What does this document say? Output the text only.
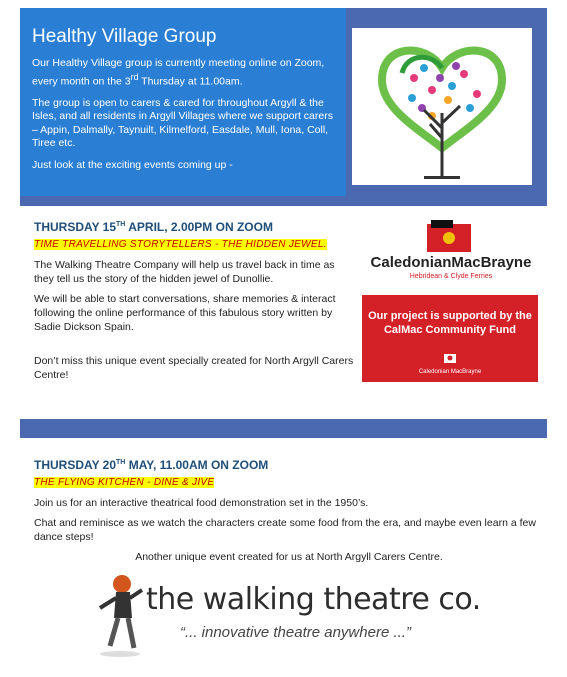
Healthy Village Group

Our Healthy Village group is currently meeting online on Zoom, every month on the 3rd Thursday at 11.00am.

The group is open to carers & cared for throughout Argyll & the Isles, and all residents in Argyll Villages where we support carers – Appin, Dalmally, Taynuilt, Kilmelford, Easdale, Mull, Iona, Coll, Tiree etc.

Just look at the exciting events coming up -

THURSDAY 15TH APRIL, 2.00PM ON ZOOM
TIME TRAVELLING STORYTELLERS - THE HIDDEN JEWEL.

The Walking Theatre Company will help us travel back in time as they tell us the story of the hidden jewel of Dunollie.

We will be able to start conversations, share memories & interact following the online performance of this fabulous story written by Sadie Dickson Spain.

Don’t miss this unique event specially created for North Argyll Carers Centre!

CaledonianMacBrayne
Hebridean & Clyde Ferries
Our project is supported by the CalMac Community Fund
Caledonian MacBrayne
THURSDAY 20TH MAY, 11.00AM ON ZOOM
THE FLYING KITCHEN - DINE & JIVE

Join us for an interactive theatrical food demonstration set in the 1950’s.

Chat and reminisce as we watch the characters create some food from the era, and maybe even learn a few dance steps!

Another unique event created for us at North Argyll Carers Centre.

the walking theatre co.
“... innovative theatre anywhere ...”
